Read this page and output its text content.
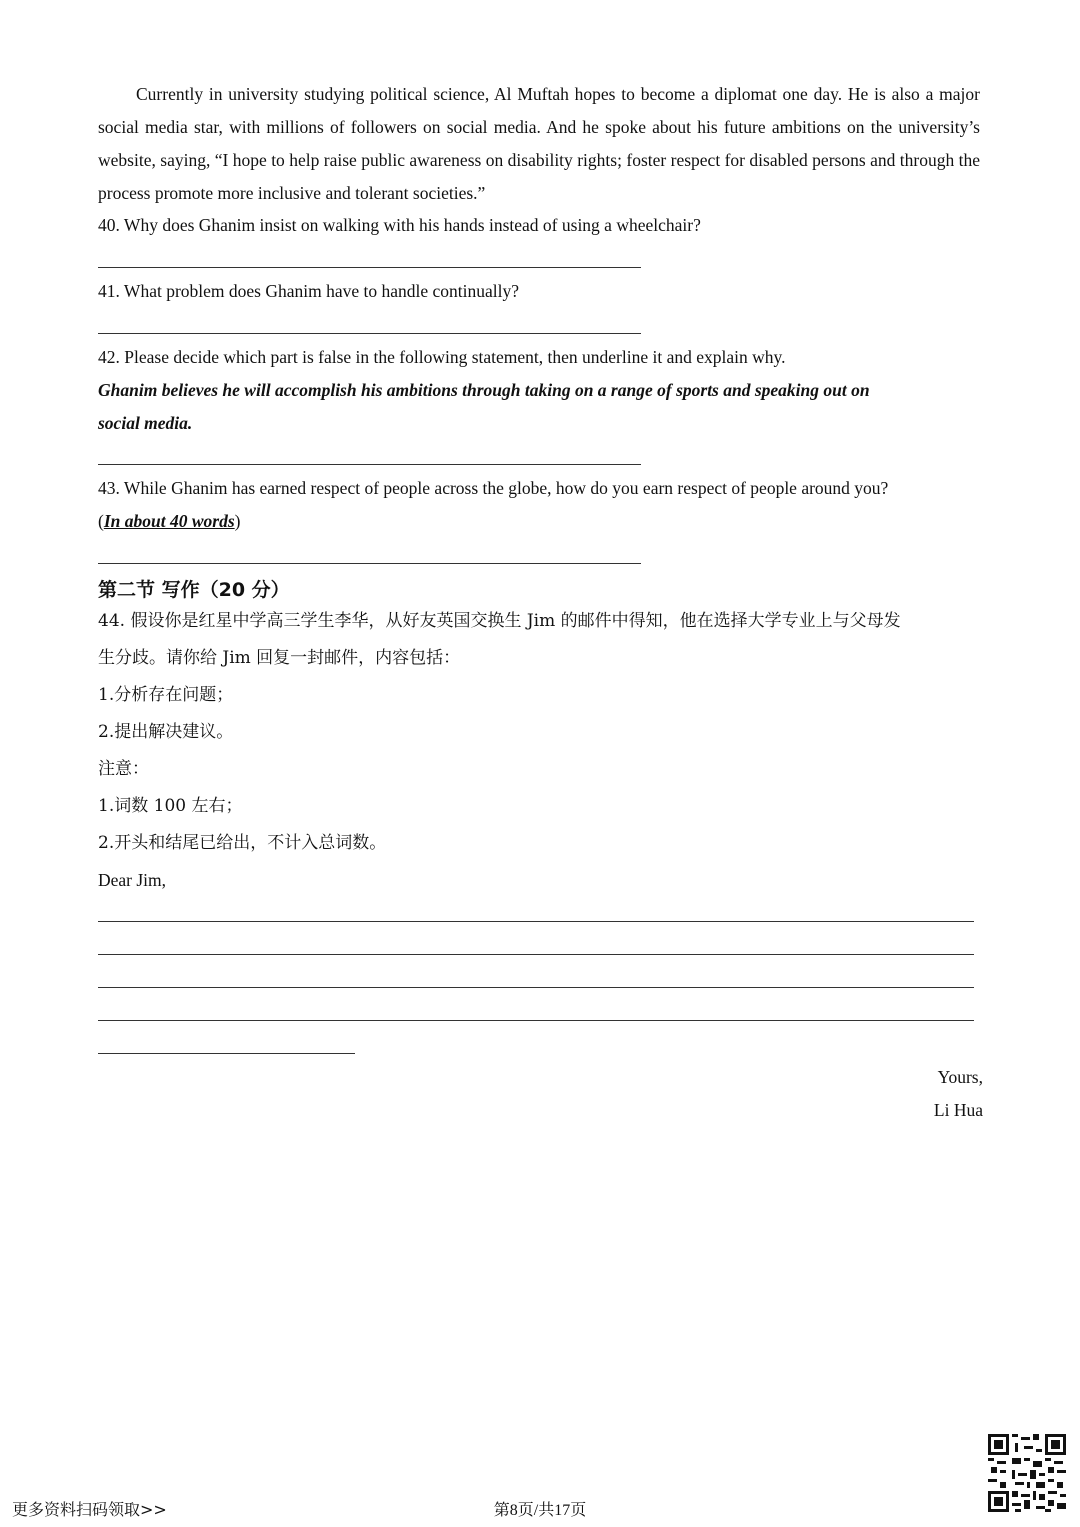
Currently in university studying political science, Al Muftah hopes to become a diplomat one day. He is also a major social media star, with millions of followers on social media. And he spoke about his future ambitions on the university’s website, saying, “I hope to help raise public awareness on disability rights; foster respect for disabled persons and through the process promote more inclusive and tolerant societies.”
40. Why does Ghanim insist on walking with his hands instead of using a wheelchair?
41. What problem does Ghanim have to handle continually?
42. Please decide which part is false in the following statement, then underline it and explain why.
Ghanim believes he will accomplish his ambitions through taking on a range of sports and speaking out on
social media.
43. While Ghanim has earned respect of people across the globe, how do you earn respect of people around you?
(In about 40 words)
第二节 写作（20 分）
44. 假设你是红星中学高三学生李华，从好友英国交换生 Jim 的邮件中得知，他在选择大学专业上与父母发
生分歧。请你给 Jim 回复一封邮件，内容包括：
1.分析存在问题；
2.提出解决建议。
注意：
1.词数 100 左右；
2.开头和结尾已给出，不计入总词数。
Dear Jim,
Yours,
Li Hua
更多资料扫码领取>>	第8页/共17页
